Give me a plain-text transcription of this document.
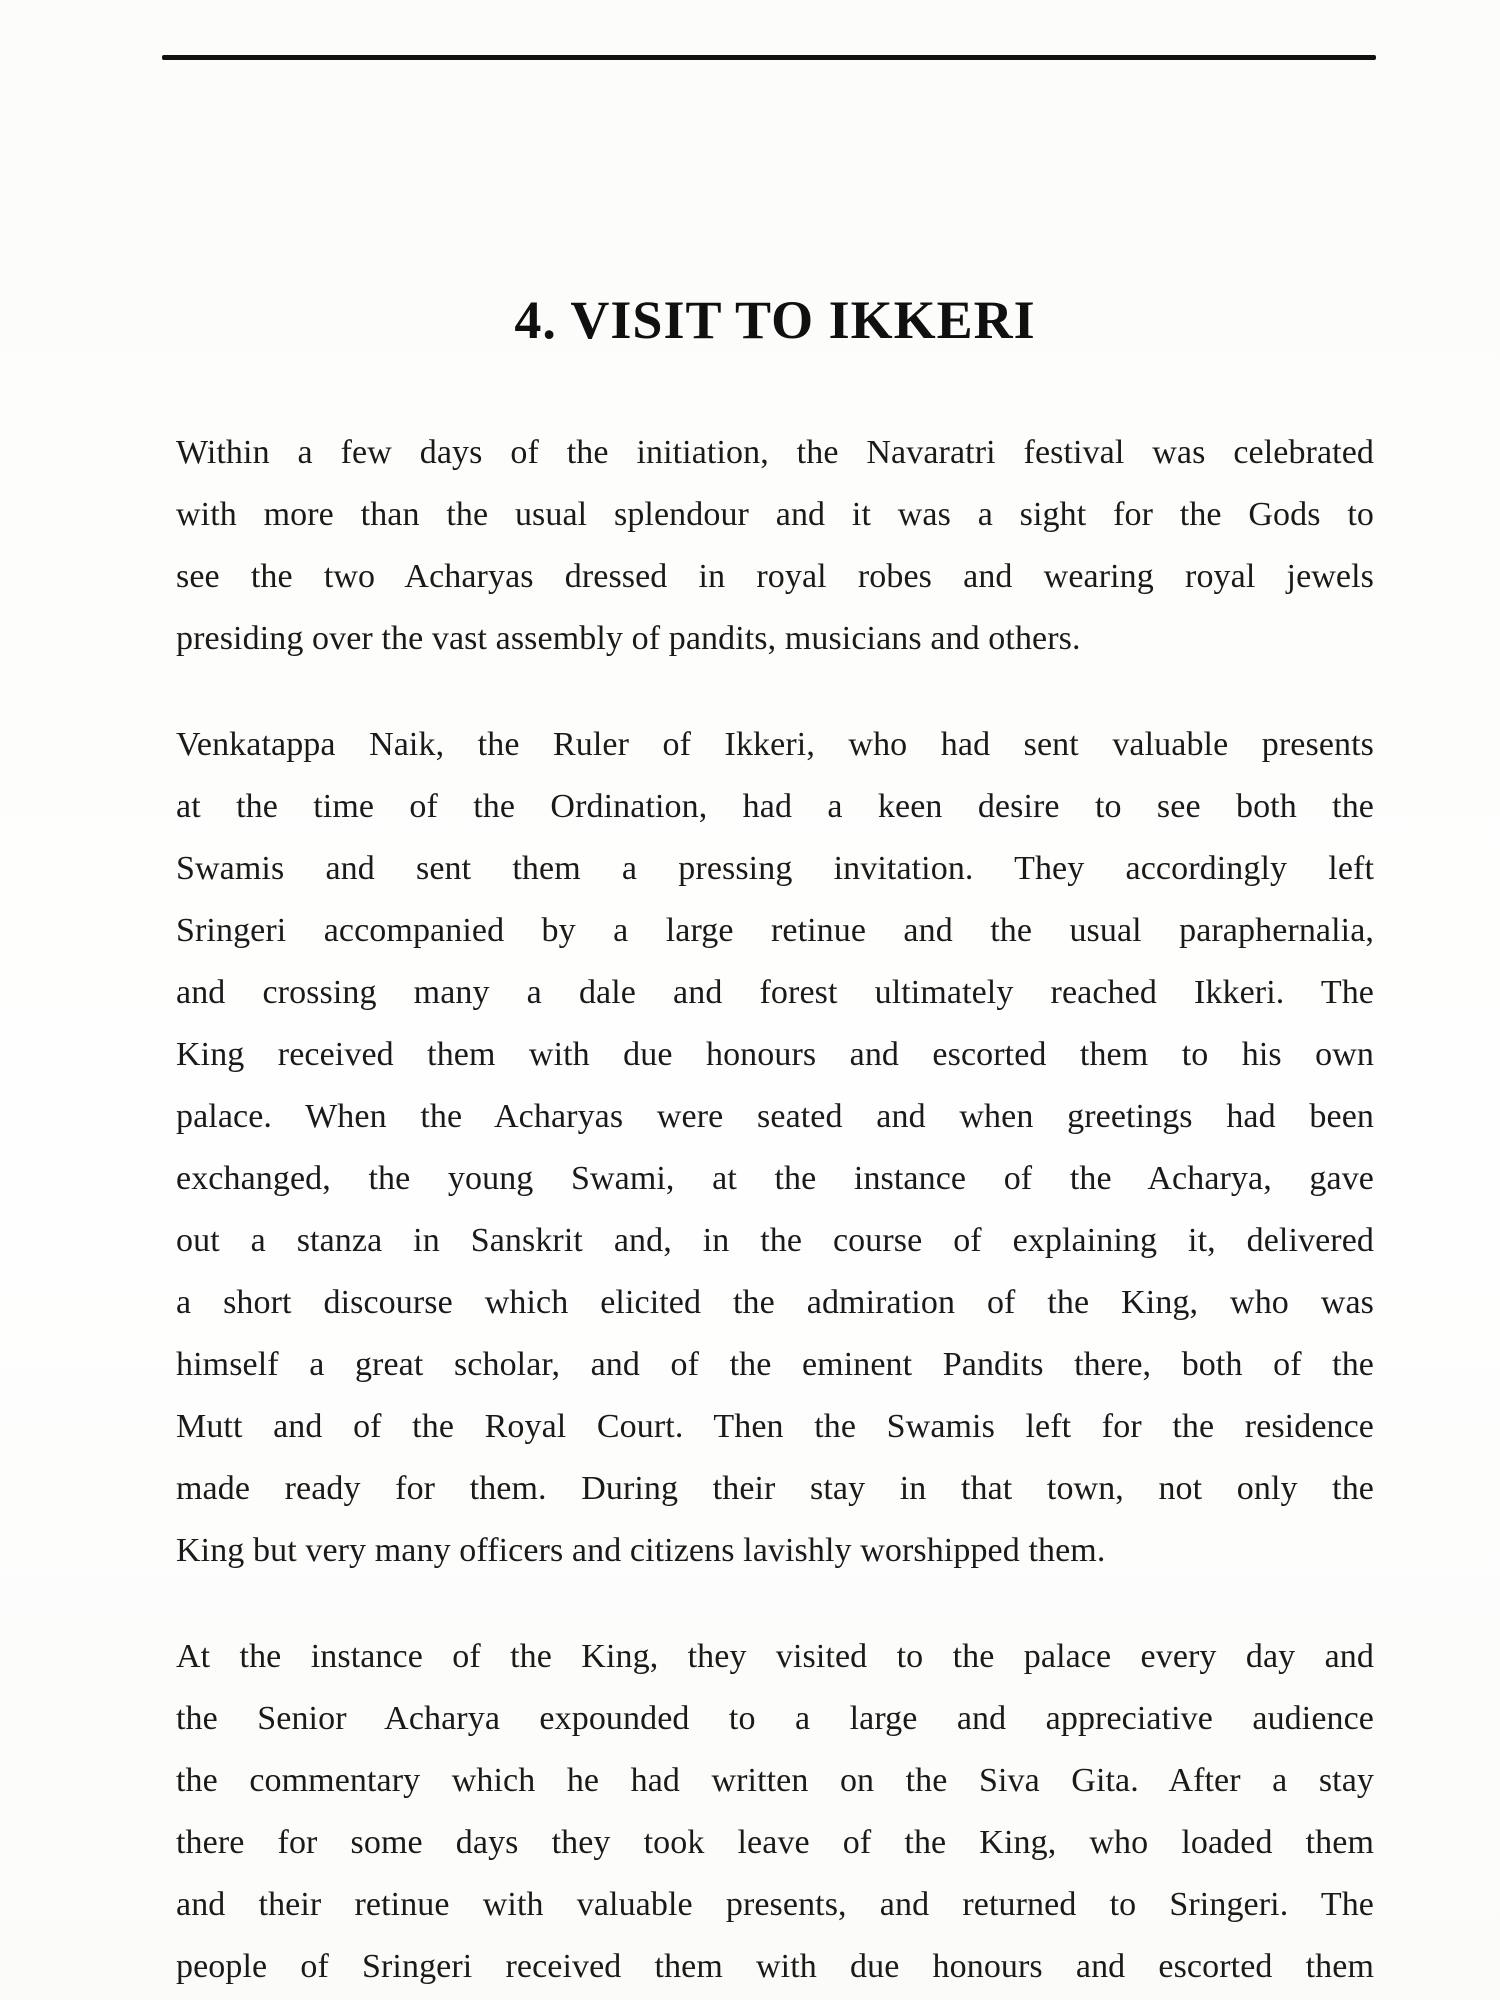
4. VISIT TO IKKERI
Within a few days of the initiation, the Navaratri festival was celebrated
with more than the usual splendour and it was a sight for the Gods to
see the two Acharyas dressed in royal robes and wearing royal jewels
presiding over the vast assembly of pandits, musicians and others.
Venkatappa Naik, the Ruler of Ikkeri, who had sent valuable presents
at the time of the Ordination, had a keen desire to see both the
Swamis and sent them a pressing invitation. They accordingly left
Sringeri accompanied by a large retinue and the usual paraphernalia,
and crossing many a dale and forest ultimately reached Ikkeri. The
King received them with due honours and escorted them to his own
palace. When the Acharyas were seated and when greetings had been
exchanged, the young Swami, at the instance of the Acharya, gave
out a stanza in Sanskrit and, in the course of explaining it, delivered
a short discourse which elicited the admiration of the King, who was
himself a great scholar, and of the eminent Pandits there, both of the
Mutt and of the Royal Court. Then the Swamis left for the residence
made ready for them. During their stay in that town, not only the
King but very many officers and citizens lavishly worshipped them.
At the instance of the King, they visited to the palace every day and
the Senior Acharya expounded to a large and appreciative audience
the commentary which he had written on the Siva Gita. After a stay
there for some days they took leave of the King, who loaded them
and their retinue with valuable presents, and returned to Sringeri. The
people of Sringeri received them with due honours and escorted them
